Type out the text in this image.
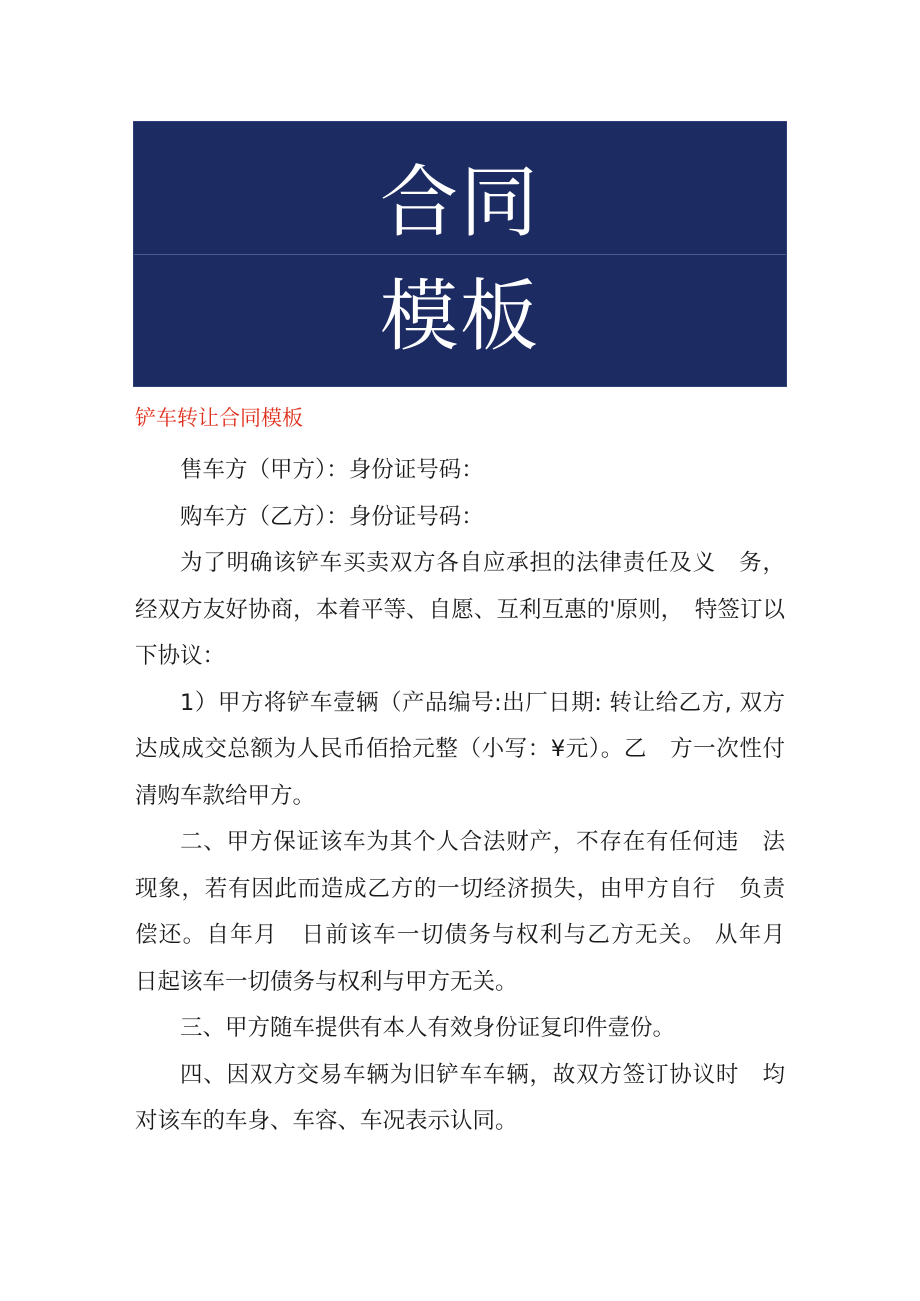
合同
模板
铲车转让合同模板

售车方（甲方）：身份证号码：

购车方（乙方）：身份证号码：

为了明确该铲车买卖双方各自应承担的法律责任及义　务，经双方友好协商，本着平等、自愿、互利互惠的'原则，　特签订以下协议：

1）甲方将铲车壹辆（产品编号:出厂日期: 转让给乙方, 双方达成成交总额为人民币佰拾元整（小写：¥元）。乙　方一次性付清购车款给甲方。

二、甲方保证该车为其个人合法财产，不存在有任何违　法现象，若有因此而造成乙方的一切经济损失，由甲方自行　负责偿还。自年月　日前该车一切债务与权利与乙方无关。 从年月　日起该车一切债务与权利与甲方无关。

三、甲方随车提供有本人有效身份证复印件壹份。

四、因双方交易车辆为旧铲车车辆，故双方签订协议时　均对该车的车身、车容、车况表示认同。
